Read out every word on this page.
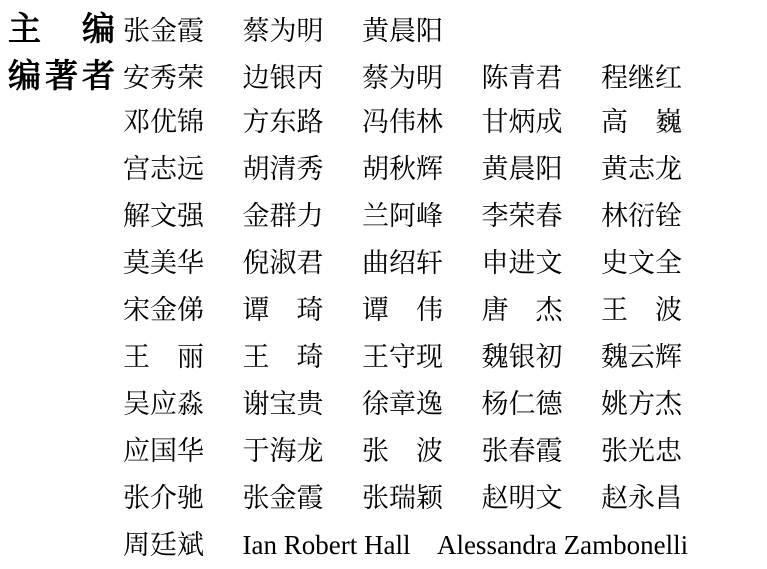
主　编 张金霞 蔡为明 黄晨阳
编著者 安秀荣 边银丙 蔡为明 陈青君 程继红
邓优锦 方东路 冯伟林 甘炳成 高　巍
宫志远 胡清秀 胡秋辉 黄晨阳 黄志龙
解文强 金群力 兰阿峰 李荣春 林衍铨
莫美华 倪淑君 曲绍轩 申进文 史文全
宋金俤 谭　琦 谭　伟 唐　杰 王　波
王　丽 王　琦 王守现 魏银初 魏云辉
吴应淼 谢宝贵 徐章逸 杨仁德 姚方杰
应国华 于海龙 张　波 张春霞 张光忠
张介驰 张金霞 张瑞颖 赵明文 赵永昌
周廷斌 Ian Robert Hall Alessandra Zambonelli
